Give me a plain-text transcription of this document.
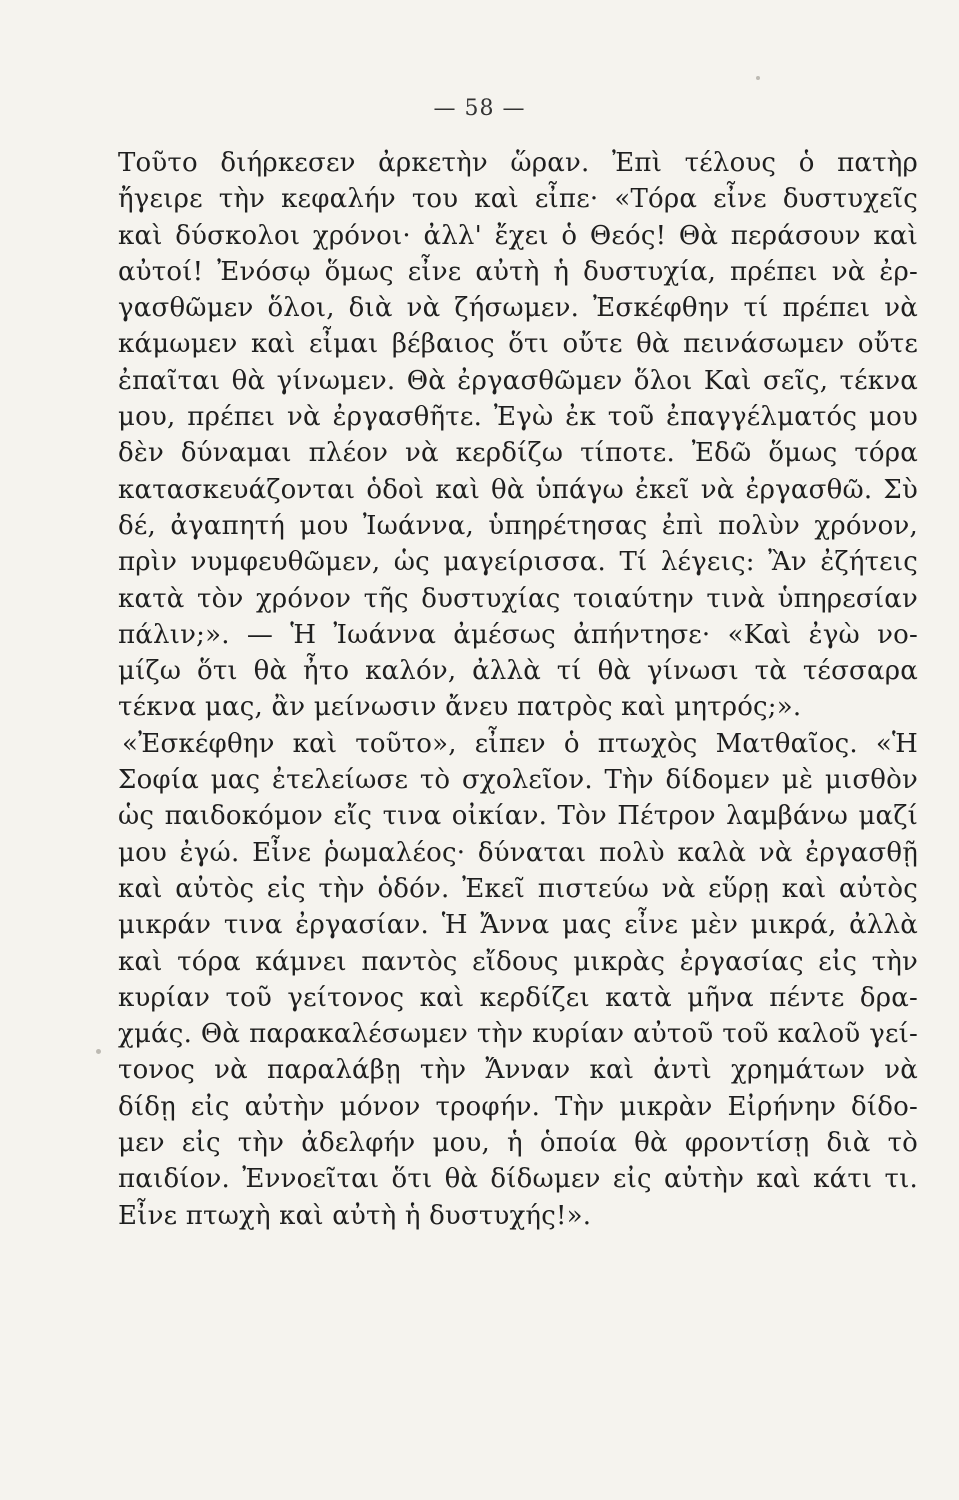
— 58 —
Τοῦτο διήρκεσεν ἀρκετὴν ὥραν. Ἐπὶ τέλους ὁ πατὴρ
ἤγειρε τὴν κεφαλήν του καὶ εἶπε· «Τόρα εἶνε δυστυχεῖς
καὶ δύσκολοι χρόνοι· ἀλλ' ἔχει ὁ Θεός! Θὰ περάσουν καὶ
αὐτοί! Ἐνόσῳ ὅμως εἶνε αὐτὴ ἡ δυστυχία, πρέπει νὰ ἐρ-
γασθῶμεν ὅλοι, διὰ νὰ ζήσωμεν. Ἐσκέφθην τί πρέπει νὰ
κάμωμεν καὶ εἶμαι βέβαιος ὅτι οὔτε θὰ πεινάσωμεν οὔτε
ἐπαῖται θὰ γίνωμεν. Θὰ ἐργασθῶμεν ὅλοι Καὶ σεῖς, τέκνα
μου, πρέπει νὰ ἐργασθῆτε. Ἐγὼ ἐκ τοῦ ἐπαγγέλματός μου
δὲν δύναμαι πλέον νὰ κερδίζω τίποτε. Ἐδῶ ὅμως τόρα
κατασκευάζονται ὁδοὶ καὶ θὰ ὑπάγω ἐκεῖ νὰ ἐργασθῶ. Σὺ
δέ, ἀγαπητή μου Ἰωάννα, ὑπηρέτησας ἐπὶ πολὺν χρόνον,
πρὶν νυμφευθῶμεν, ὡς μαγείρισσα. Τί λέγεις: Ἂν ἐζήτεις
κατὰ τὸν χρόνον τῆς δυστυχίας τοιαύτην τινὰ ὑπηρεσίαν
πάλιν;». — Ἡ Ἰωάννα ἀμέσως ἀπήντησε· «Καὶ ἐγὼ νο-
μίζω ὅτι θὰ ἦτο καλόν, ἀλλὰ τί θὰ γίνωσι τὰ τέσσαρα
τέκνα μας, ἂν μείνωσιν ἄνευ πατρὸς καὶ μητρός;».
«Ἐσκέφθην καὶ τοῦτο», εἶπεν ὁ πτωχὸς Ματθαῖος. «Ἡ
Σοφία μας ἐτελείωσε τὸ σχολεῖον. Τὴν δίδομεν μὲ μισθὸν
ὡς παιδοκόμον εἴς τινα οἰκίαν. Τὸν Πέτρον λαμβάνω μαζί
μου ἐγώ. Εἶνε ῥωμαλέος· δύναται πολὺ καλὰ νὰ ἐργασθῇ
καὶ αὐτὸς εἰς τὴν ὁδόν. Ἐκεῖ πιστεύω νὰ εὕρῃ καὶ αὐτὸς
μικράν τινα ἐργασίαν. Ἡ Ἄννα μας εἶνε μὲν μικρά, ἀλλὰ
καὶ τόρα κάμνει παντὸς εἴδους μικρὰς ἐργασίας εἰς τὴν
κυρίαν τοῦ γείτονος καὶ κερδίζει κατὰ μῆνα πέντε δρα-
χμάς. Θὰ παρακαλέσωμεν τὴν κυρίαν αὐτοῦ τοῦ καλοῦ γεί-
τονος νὰ παραλάβῃ τὴν Ἄνναν καὶ ἀντὶ χρημάτων νὰ
δίδῃ εἰς αὐτὴν μόνον τροφήν. Τὴν μικρὰν Εἰρήνην δίδο-
μεν εἰς τὴν ἀδελφήν μου, ἡ ὁποία θὰ φροντίσῃ διὰ τὸ
παιδίον. Ἐννοεῖται ὅτι θὰ δίδωμεν εἰς αὐτὴν καὶ κάτι τι.
Εἶνε πτωχὴ καὶ αὐτὴ ἡ δυστυχής!».
